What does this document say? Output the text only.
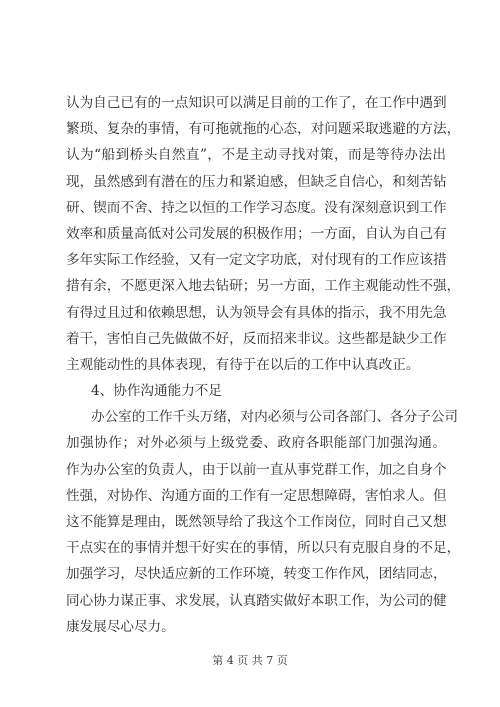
认为自己已有的一点知识可以满足目前的工作了，在工作中遇到
繁琐、复杂的事情，有可拖就拖的心态，对问题采取逃避的方法，
认为“船到桥头自然直”，不是主动寻找对策，而是等待办法出
现，虽然感到有潜在的压力和紧迫感，但缺乏自信心，和刻苦钻
研、锲而不舍、持之以恒的工作学习态度。没有深刻意识到工作
效率和质量高低对公司发展的积极作用；一方面，自认为自己有
多年实际工作经验，又有一定文字功底，对付现有的工作应该措
措有余，不愿更深入地去钻研；另一方面，工作主观能动性不强，
有得过且过和依赖思想，认为领导会有具体的指示，我不用先急
着干，害怕自己先做做不好，反而招来非议。这些都是缺少工作
主观能动性的具体表现，有待于在以后的工作中认真改正。
4、协作沟通能力不足
办公室的工作千头万绪，对内必须与公司各部门、各分子公司
加强协作；对外必须与上级党委、政府各职能部门加强沟通。
作为办公室的负责人，由于以前一直从事党群工作，加之自身个
性强，对协作、沟通方面的工作有一定思想障碍，害怕求人。但
这不能算是理由，既然领导给了我这个工作岗位，同时自己又想
干点实在的事情并想干好实在的事情，所以只有克服自身的不足，
加强学习，尽快适应新的工作环境，转变工作作风，团结同志，
同心协力谋正事、求发展，认真踏实做好本职工作，为公司的健
康发展尽心尽力。
第 4 页 共 7 页
